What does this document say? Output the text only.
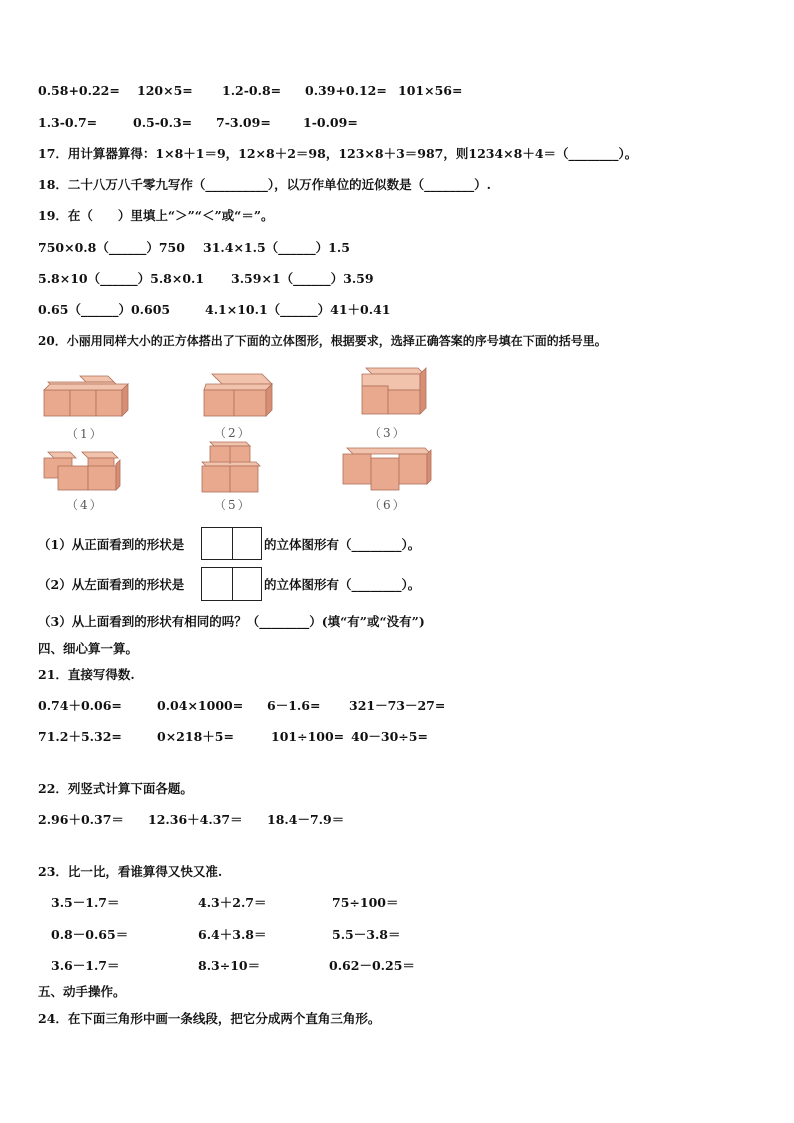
0.58+0.22= 120×5= 1.2-0.8= 0.39+0.12= 101×56=
1.3-0.7=	0.5-0.3= 7-3.09=	1-0.09=
17．用计算器算得：1×8＋1＝9，12×8＋2＝98，123×8＋3＝987，则1234×8＋4＝（________）。
18．二十八万八千零九写作（__________），以万作单位的近似数是（________）.
19．在（　　）里填上“＞”“＜”或“＝”。
750×0.8（______）750 31.4×1.5（______）1.5
5.8×10（______）5.8×0.1 3.59×1（______）3.59
0.65（______）0.605	4.1×10.1（______）41＋0.41
20．小丽用同样大小的正方体搭出了下面的立体图形，根据要求，选择正确答案的序号填在下面的括号里。
（1）	（2）	（3）
（4）	（5）	（6）
（1）从正面看到的形状是	的立体图形有（________）。
（2）从左面看到的形状是	的立体图形有（________）。
（3）从上面看到的形状有相同的吗？（________）(填“有”或“没有”)
四、细心算一算。
21．直接写得数.
0.74＋0.06=	0.04×1000= 6－1.6= 321－73－27=
71.2＋5.32=	0×218＋5=	101÷100= 40－30÷5=
22．列竖式计算下面各题。
2.96＋0.37＝ 12.36＋4.37＝ 18.4－7.9＝
23．比一比，看谁算得又快又准.
3.5－1.7＝	4.3＋2.7＝	75÷100＝
0.8－0.65＝	6.4＋3.8＝	5.5－3.8＝
3.6－1.7＝	8.3÷10＝	0.62－0.25＝
五、动手操作。
24．在下面三角形中画一条线段，把它分成两个直角三角形。
